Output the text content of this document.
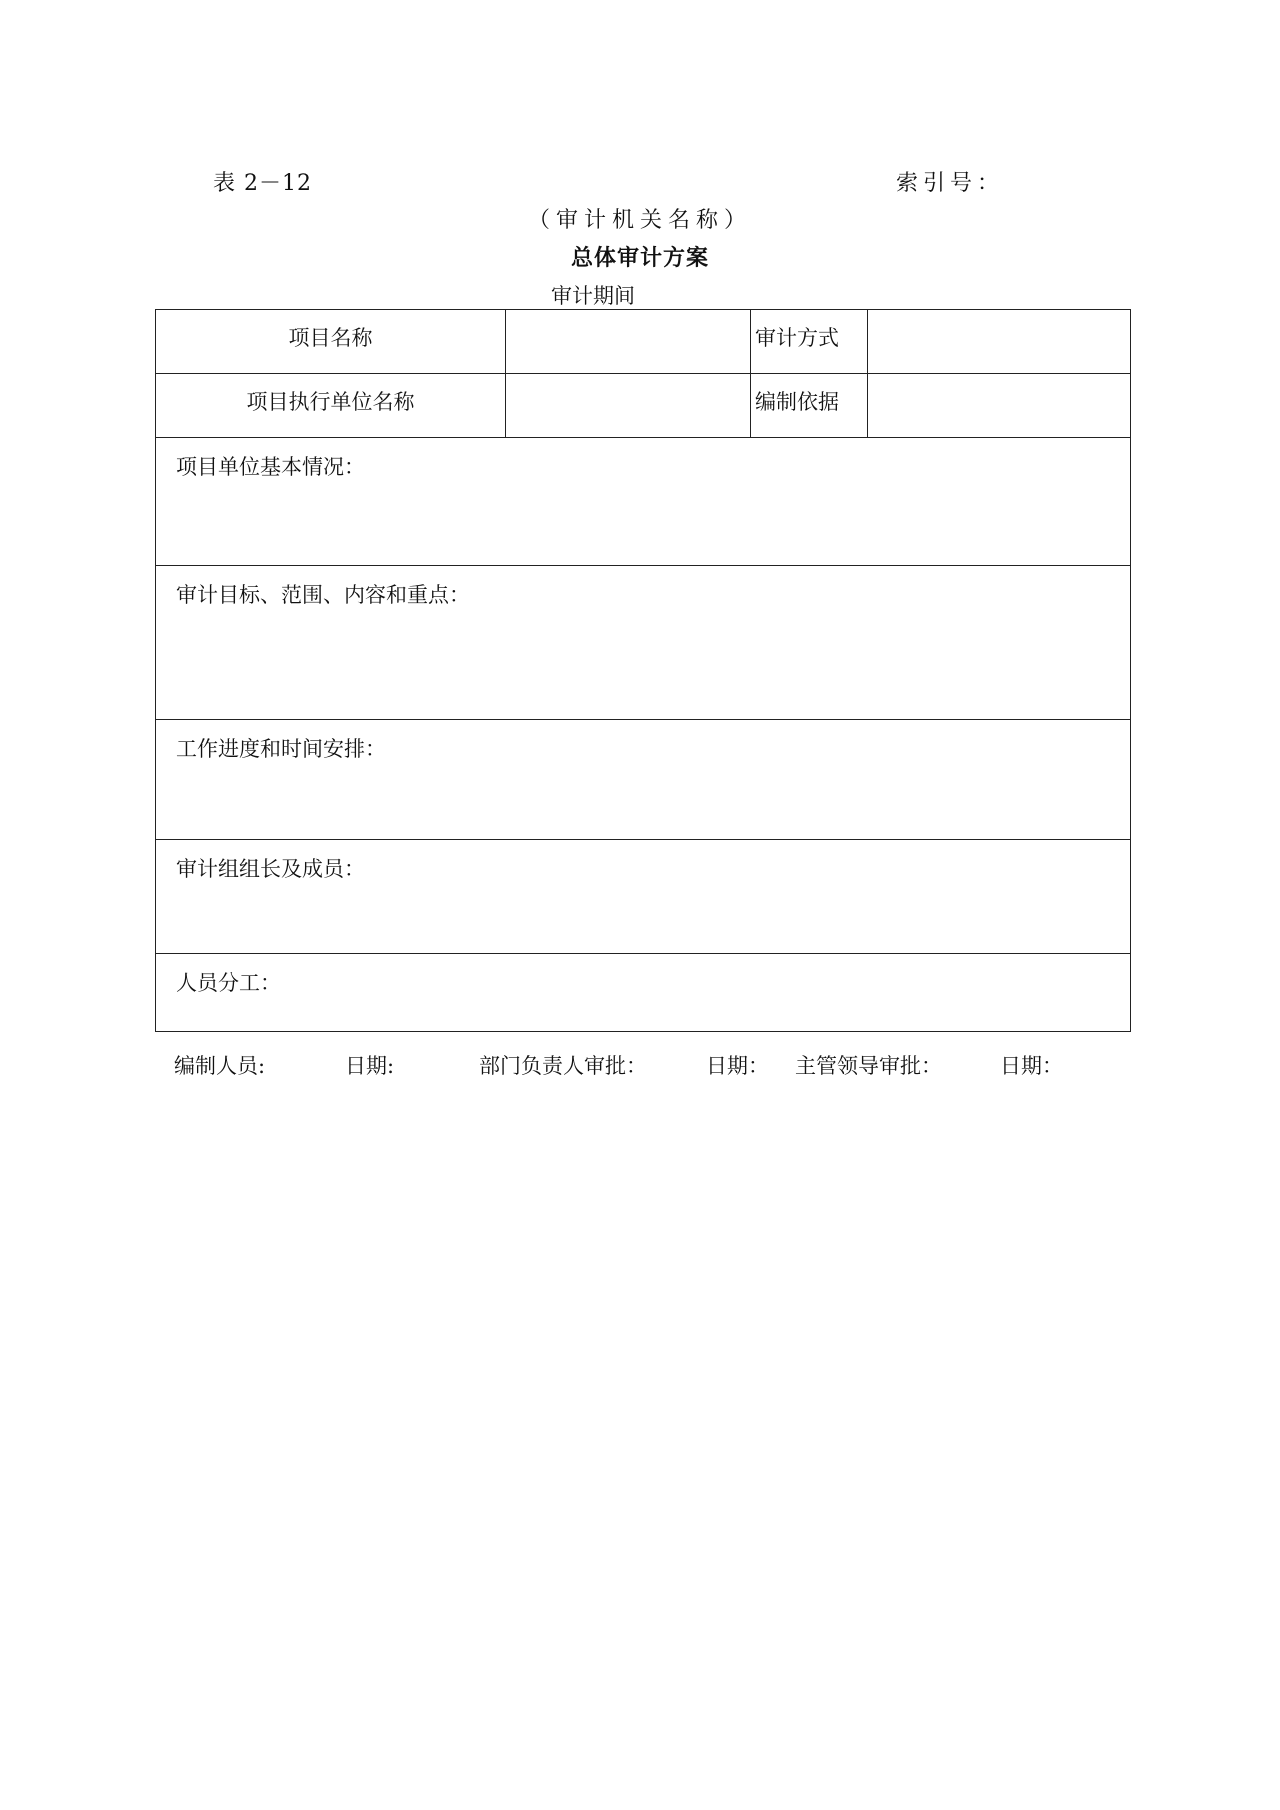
表 2－12	索引号：
（审计机关名称）
总体审计方案
审计期间
项目名称		审计方式	

项目执行单位名称		编制依据	

项目单位基本情况：			

审计目标、范围、内容和重点：			

工作进度和时间安排：			

审计组组长及成员：			

人员分工：			
编制人员:	日期:	部门负责人审批：	日期： 主管领导审批：	日期：
